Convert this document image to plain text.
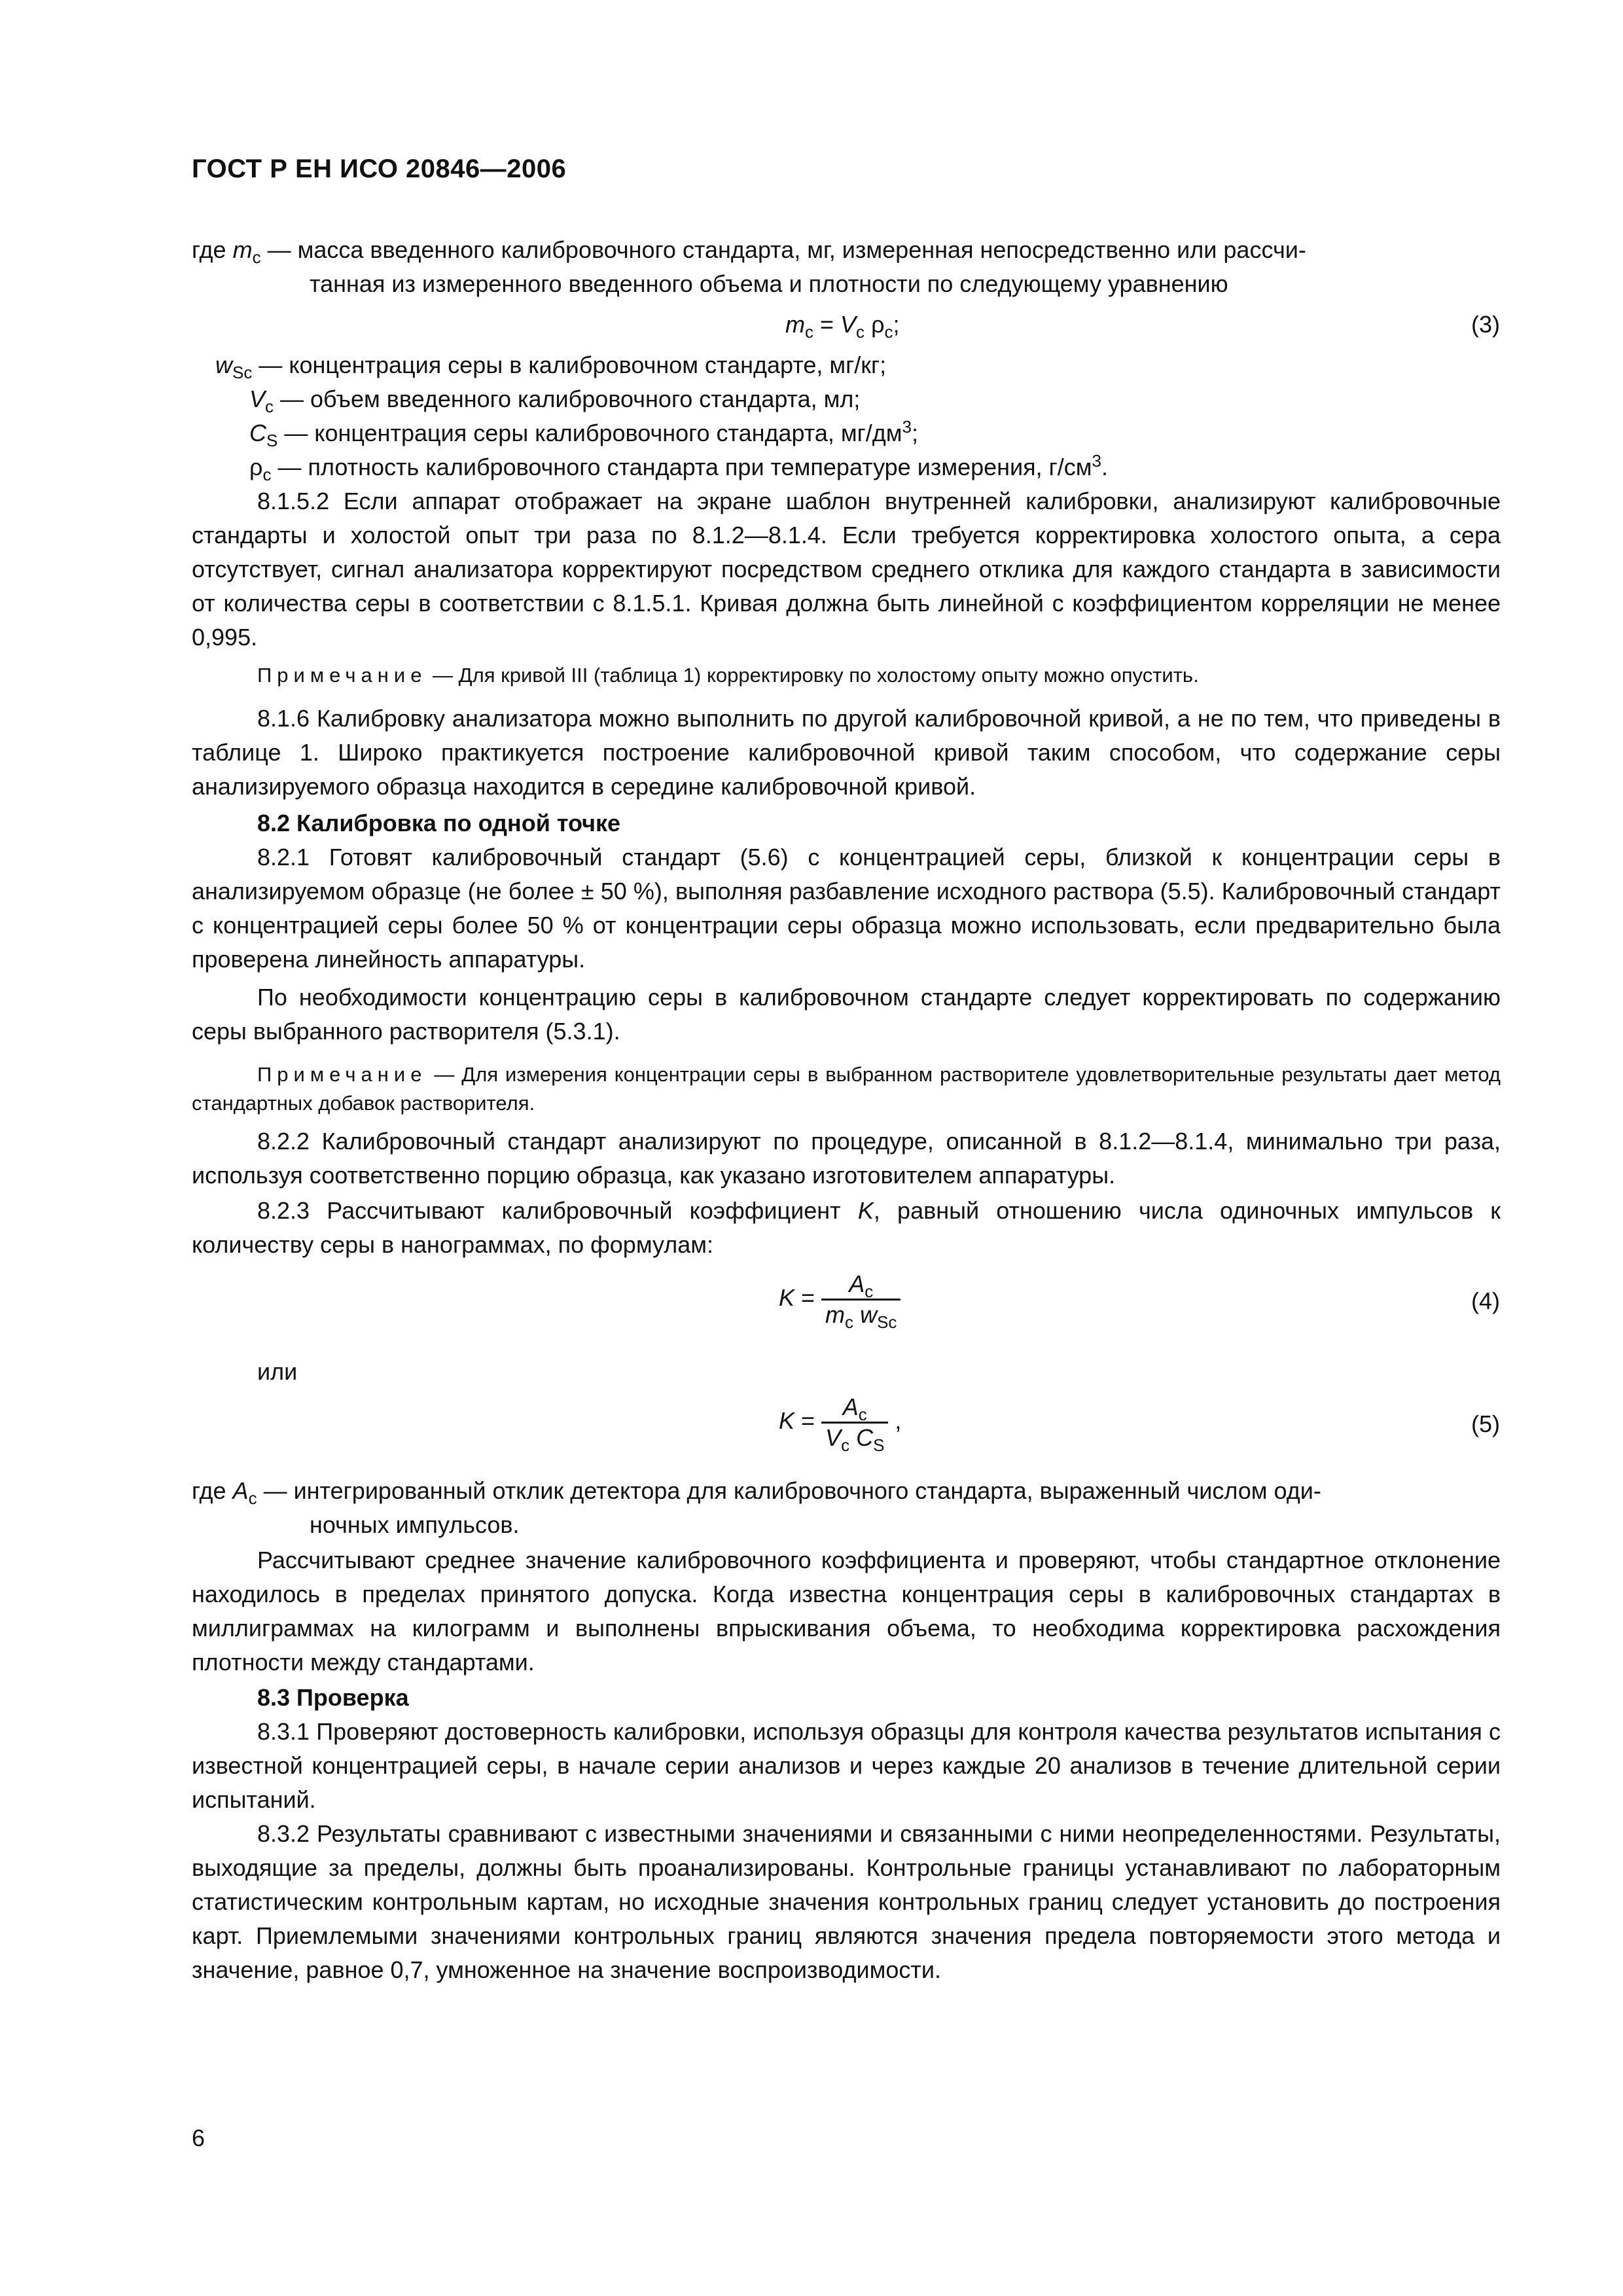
ГОСТ Р ЕН ИСО 20846—2006
где $m_с$ — масса введенного калибровочного стандарта, мг, измеренная непосредственно или рассчи-
танная из измеренного введенного объема и плотности по следующему уравнению
$m_c = V_c$ $\rho_c$;	(3)
$w_{Sc}$ — концентрация серы в калибровочном стандарте, мг/кг;
$V_c$ — объем введенного калибровочного стандарта, мл;
$C_S$ — концентрация серы калибровочного стандарта, $мг/дм^3$;
$\rho_c$ — плотность калибровочного стандарта при температуре измерения, $г/см^3$.
8.1.5.2 Если аппарат отображает на экране шаблон внутренней калибровки, анализируют калибровочные стандарты и холостой опыт три раза по 8.1.2—8.1.4. Если требуется корректировка холостого опыта, а сера отсутствует, сигнал анализатора корректируют посредством среднего отклика для каждого стандарта в зависимости от количества серы в соответствии с 8.1.5.1. Кривая должна быть линейной с коэффициентом корреляции не менее 0,995.
Примечание — Для кривой III (таблица 1) корректировку по холостому опыту можно опустить.
8.1.6 Калибровку анализатора можно выполнить по другой калибровочной кривой, а не по тем, что приведены в таблице 1. Широко практикуется построение калибровочной кривой таким способом, что содержание серы анализируемого образца находится в середине калибровочной кривой.
8.2 Калибровка по одной точке
8.2.1 Готовят калибровочный стандарт (5.6) с концентрацией серы, близкой к концентрации серы в анализируемом образце (не более ± 50 %), выполняя разбавление исходного раствора (5.5). Калибровочный стандарт с концентрацией серы более 50 % от концентрации серы образца можно использовать, если предварительно была проверена линейность аппаратуры.
По необходимости концентрацию серы в калибровочном стандарте следует корректировать по содержанию серы выбранного растворителя (5.3.1).
Примечание — Для измерения концентрации серы в выбранном растворителе удовлетворительные результаты дает метод стандартных добавок растворителя.
8.2.2 Калибровочный стандарт анализируют по процедуре, описанной в 8.1.2—8.1.4, минимально три раза, используя соответственно порцию образца, как указано изготовителем аппаратуры.
8.2.3 Рассчитывают калибровочный коэффициент K, равный отношению числа одиночных импульсов к количеству серы в нанограммах, по формулам:
$K = \frac{A_c}{m_c w_{Sc}}$	(4)
или
$K = \frac{A_c}{V_c C_S}$ ,	(5)
где $A_с$ — интегрированный отклик детектора для калибровочного стандарта, выраженный числом оди-
ночных импульсов.
Рассчитывают среднее значение калибровочного коэффициента и проверяют, чтобы стандартное отклонение находилось в пределах принятого допуска. Когда известна концентрация серы в калибровочных стандартах в миллиграммах на килограмм и выполнены впрыскивания объема, то необходима корректировка расхождения плотности между стандартами.
8.3 Проверка
8.3.1 Проверяют достоверность калибровки, используя образцы для контроля качества результатов испытания с известной концентрацией серы, в начале серии анализов и через каждые 20 анализов в течение длительной серии испытаний.
8.3.2 Результаты сравнивают с известными значениями и связанными с ними неопределенностями. Результаты, выходящие за пределы, должны быть проанализированы. Контрольные границы устанавливают по лабораторным статистическим контрольным картам, но исходные значения контрольных границ следует установить до построения карт. Приемлемыми значениями контрольных границ являются значения предела повторяемости этого метода и значение, равное 0,7, умноженное на значение воспроизводимости.
6
